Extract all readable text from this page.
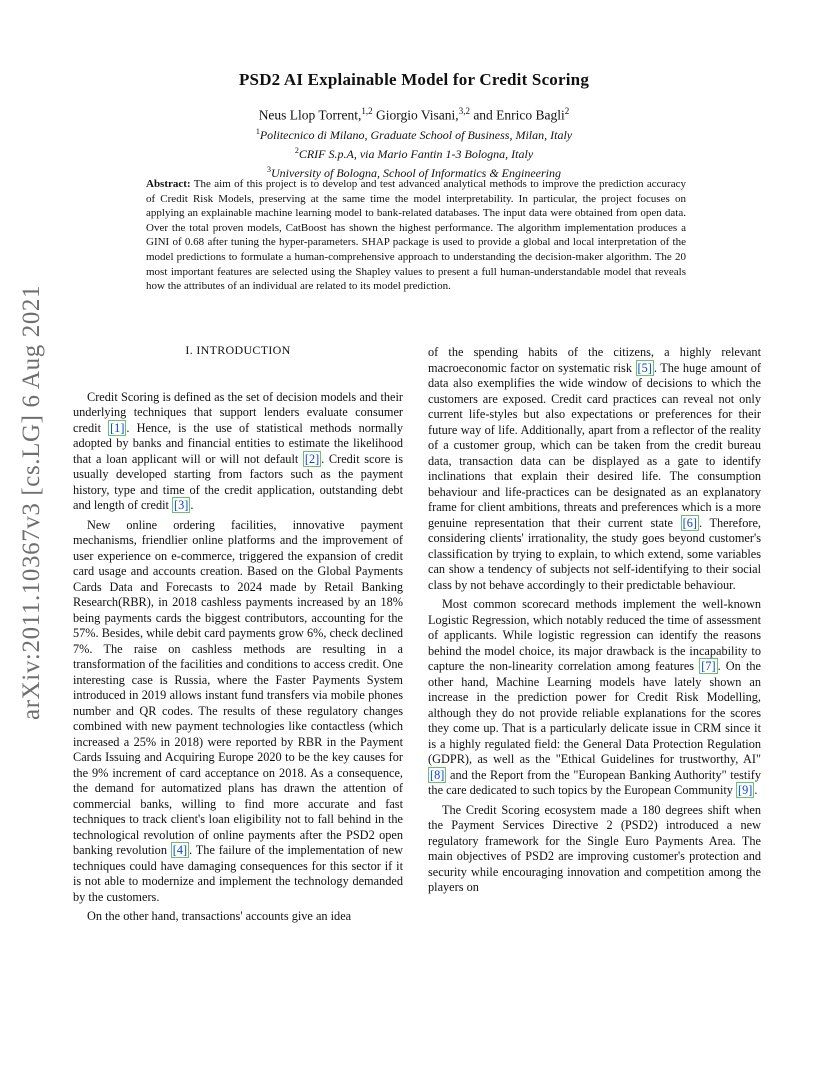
arXiv:2011.10367v3 [cs.LG] 6 Aug 2021
PSD2 AI Explainable Model for Credit Scoring
Neus Llop Torrent,$^{1,2}$ Giorgio Visani,$^{3,2}$ and Enrico Bagli$^2$
$^1$Politecnico di Milano, Graduate School of Business, Milan, Italy
$^2$CRIF S.p.A, via Mario Fantin 1-3 Bologna, Italy
$^3$University of Bologna, School of Informatics & Engineering
Abstract: The aim of this project is to develop and test advanced analytical methods to improve the prediction accuracy of Credit Risk Models, preserving at the same time the model interpretability. In particular, the project focuses on applying an explainable machine learning model to bank-related databases. The input data were obtained from open data. Over the total proven models, CatBoost has shown the highest performance. The algorithm implementation produces a GINI of 0.68 after tuning the hyper-parameters. SHAP package is used to provide a global and local interpretation of the model predictions to formulate a human-comprehensive approach to understanding the decision-maker algorithm. The 20 most important features are selected using the Shapley values to present a full human-understandable model that reveals how the attributes of an individual are related to its model prediction.
I. INTRODUCTION

Credit Scoring is defined as the set of decision models and their underlying techniques that support lenders evaluate consumer credit [1] . Hence, is the use of statistical methods normally adopted by banks and financial entities to estimate the likelihood that a loan applicant will or will not default [2] . Credit score is usually developed starting from factors such as the payment history, type and time of the credit application, outstanding debt and length of credit [3] .

New online ordering facilities, innovative payment mechanisms, friendlier online platforms and the improvement of user experience on e-commerce, triggered the expansion of credit card usage and accounts creation. Based on the Global Payments Cards Data and Forecasts to 2024 made by Retail Banking Research(RBR), in 2018 cashless payments increased by an 18% being payments cards the biggest contributors, accounting for the 57%. Besides, while debit card payments grow 6%, check declined 7%. The raise on cashless methods are resulting in a transformation of the facilities and conditions to access credit. One interesting case is Russia, where the Faster Payments System introduced in 2019 allows instant fund transfers via mobile phones number and QR codes. The results of these regulatory changes combined with new payment technologies like contactless (which increased a 25% in 2018) were reported by RBR in the Payment Cards Issuing and Acquiring Europe 2020 to be the key causes for the 9% increment of card acceptance on 2018. As a consequence, the demand for automatized plans has drawn the attention of commercial banks, willing to find more accurate and fast techniques to track client's loan eligibility not to fall behind in the technological revolution of online payments after the PSD2 open banking revolution [4] . The failure of the implementation of new techniques could have damaging consequences for this sector if it is not able to modernize and implement the technology demanded by the customers.

On the other hand, transactions' accounts give an idea

of the spending habits of the citizens, a highly relevant macroeconomic factor on systematic risk [5] . The huge amount of data also exemplifies the wide window of decisions to which the customers are exposed. Credit card practices can reveal not only current life-styles but also expectations or preferences for their future way of life. Additionally, apart from a reflector of the reality of a customer group, which can be taken from the credit bureau data, transaction data can be displayed as a gate to identify inclinations that explain their desired life. The consumption behaviour and life-practices can be designated as an explanatory frame for client ambitions, threats and preferences which is a more genuine representation that their current state [6] . Therefore, considering clients' irrationality, the study goes beyond customer's classification by trying to explain, to which extend, some variables can show a tendency of subjects not self-identifying to their social class by not behave accordingly to their predictable behaviour.

Most common scorecard methods implement the well-known Logistic Regression, which notably reduced the time of assessment of applicants. While logistic regression can identify the reasons behind the model choice, its major drawback is the incapability to capture the non-linearity correlation among features [7] . On the other hand, Machine Learning models have lately shown an increase in the prediction power for Credit Risk Modelling, although they do not provide reliable explanations for the scores they come up. That is a particularly delicate issue in CRM since it is a highly regulated field: the General Data Protection Regulation (GDPR), as well as the "Ethical Guidelines for trustworthy, AI" [8] and the Report from the "European Banking Authority" testify the care dedicated to such topics by the European Community [9] .

The Credit Scoring ecosystem made a 180 degrees shift when the Payment Services Directive 2 (PSD2) introduced a new regulatory framework for the Single Euro Payments Area. The main objectives of PSD2 are improving customer's protection and security while encouraging innovation and competition among the players on
